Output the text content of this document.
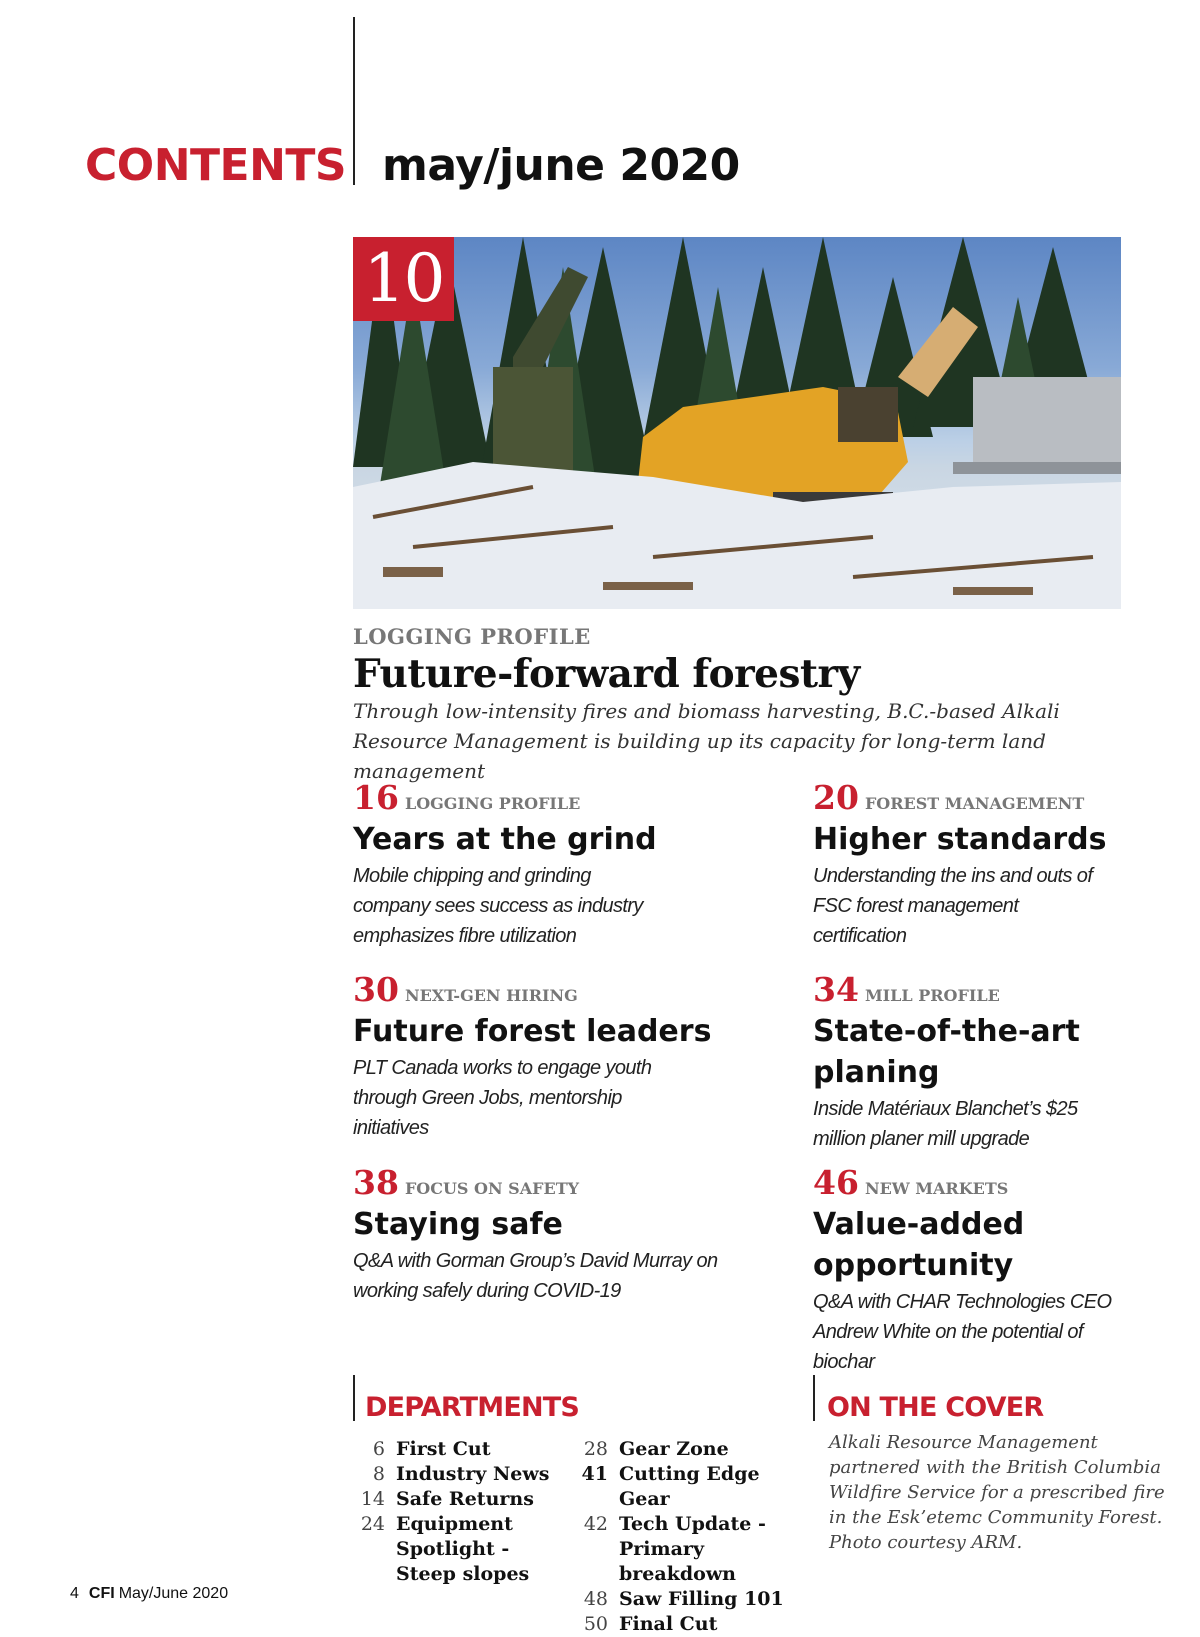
CONTENTS may/june 2020
10
LOGGING PROFILE
Future-forward forestry
Through low-intensity fires and biomass harvesting, B.C.-based Alkali Resource Management is building up its capacity for long-term land management
16 LOGGING PROFILE
Years at the grind
Mobile chipping and grinding company sees success as industry emphasizes fibre utilization
20 FOREST MANAGEMENT
Higher standards
Understanding the ins and outs of FSC forest management certification
30 NEXT-GEN HIRING
Future forest leaders
PLT Canada works to engage youth through Green Jobs, mentorship initiatives
34 MILL PROFILE
State-of-the-art planing
Inside Matériaux Blanchet’s $25 million planer mill upgrade
38 FOCUS ON SAFETY
Staying safe
Q&A with Gorman Group’s David Murray on working safely during COVID-19
46 NEW MARKETS
Value-added opportunity
Q&A with CHAR Technologies CEO Andrew White on the potential of biochar
DEPARTMENTS
6 First Cut
8 Industry News
14 Safe Returns
24 Equipment Spotlight - Steep slopes
28 Gear Zone
41 Cutting Edge Gear
42 Tech Update - Primary breakdown
48 Saw Filling 101
50 Final Cut
ON THE COVER
Alkali Resource Management partnered with the British Columbia Wildfire Service for a prescribed fire in the Esk’etemc Community Forest. Photo courtesy ARM.
4 CFI May/June 2020
